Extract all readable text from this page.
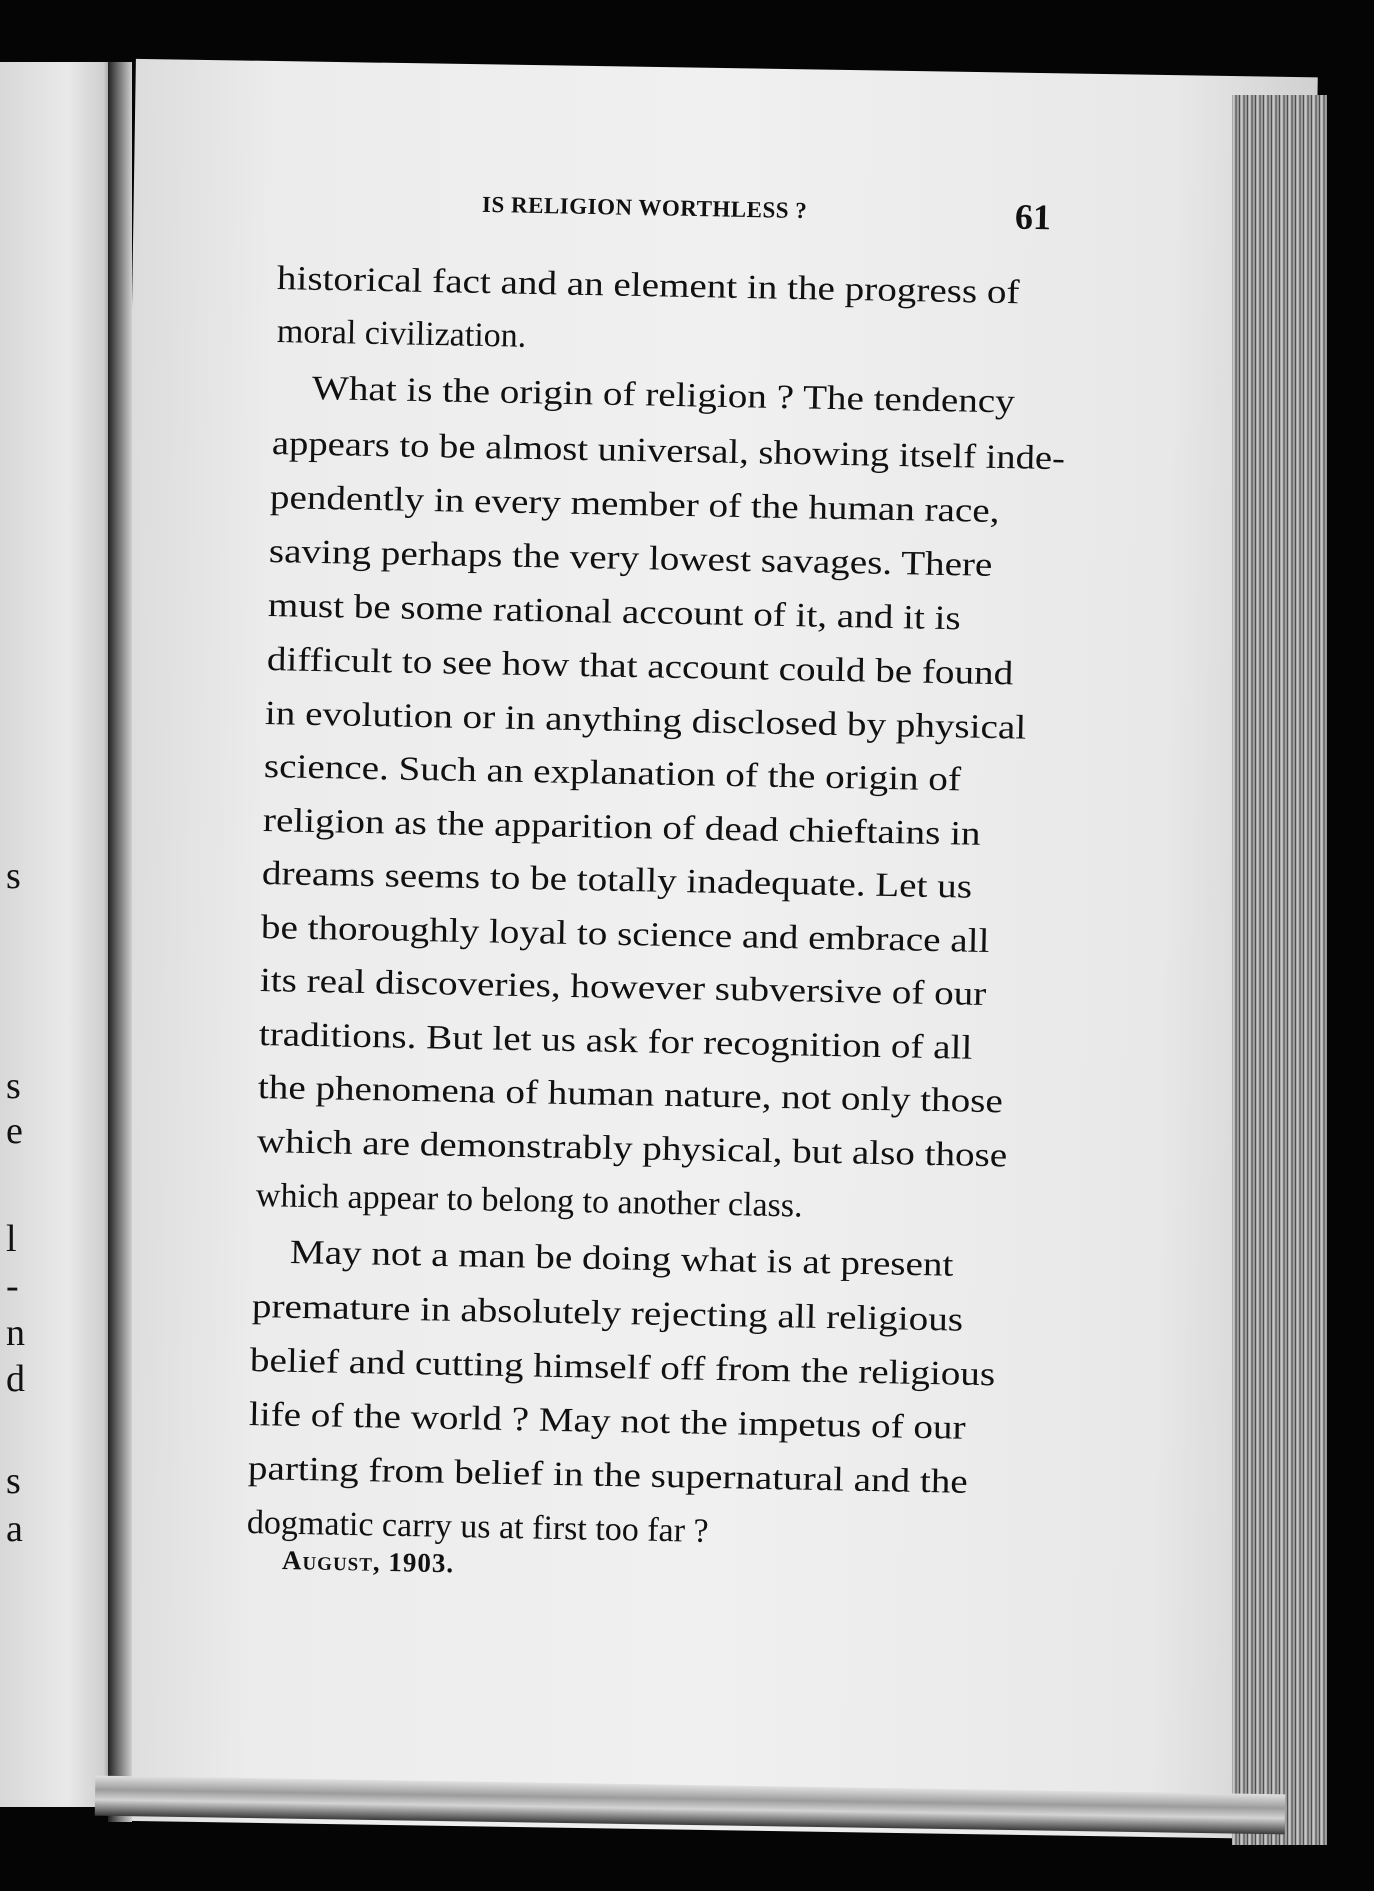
s
s
e
l
-
n
d
s
a
IS RELIGION WORTHLESS ?	61
historical fact and an element in the progress of
moral civilization.
What is the origin of religion ? The tendency
appears to be almost universal, showing itself inde-
pendently in every member of the human race,
saving perhaps the very lowest savages. There
must be some rational account of it, and it is
difficult to see how that account could be found
in evolution or in anything disclosed by physical
science. Such an explanation of the origin of
religion as the apparition of dead chieftains in
dreams seems to be totally inadequate. Let us
be thoroughly loyal to science and embrace all
its real discoveries, however subversive of our
traditions. But let us ask for recognition of all
the phenomena of human nature, not only those
which are demonstrably physical, but also those
which appear to belong to another class.
May not a man be doing what is at present
premature in absolutely rejecting all religious
belief and cutting himself off from the religious
life of the world ? May not the impetus of our
parting from belief in the supernatural and the
dogmatic carry us at first too far ?
August, 1903.
